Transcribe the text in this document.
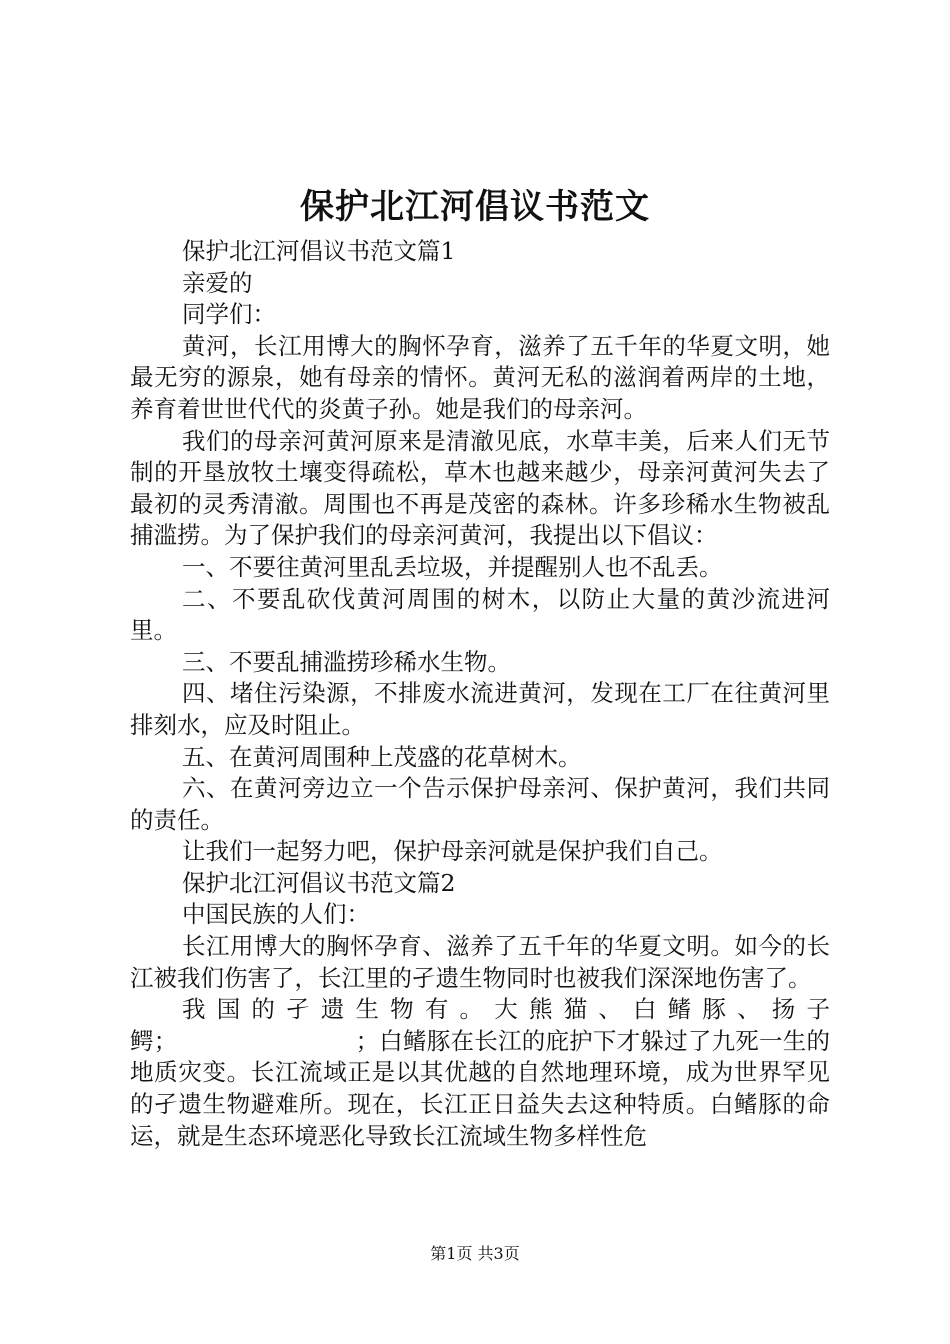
保护北江河倡议书范文

保护北江河倡议书范文篇1

亲爱的

同学们：

黄河，长江用博大的胸怀孕育，滋养了五千年的华夏文明，她最无穷的源泉，她有母亲的情怀。黄河无私的滋润着两岸的土地，养育着世世代代的炎黄子孙。她是我们的母亲河。

我们的母亲河黄河原来是清澈见底，水草丰美，后来人们无节制的开垦放牧土壤变得疏松，草木也越来越少，母亲河黄河失去了最初的灵秀清澈。周围也不再是茂密的森林。许多珍稀水生物被乱捕滥捞。为了保护我们的母亲河黄河，我提出以下倡议：

一、不要往黄河里乱丢垃圾，并提醒别人也不乱丢。

二、不要乱砍伐黄河周围的树木，以防止大量的黄沙流进河里。

三、不要乱捕滥捞珍稀水生物。

四、堵住污染源，不排废水流进黄河，发现在工厂在往黄河里排刻水，应及时阻止。

五、在黄河周围种上茂盛的花草树木。

六、在黄河旁边立一个告示保护母亲河、保护黄河，我们共同的责任。

让我们一起努力吧，保护母亲河就是保护我们自己。

保护北江河倡议书范文篇2

中国民族的人们：

长江用博大的胸怀孕育、滋养了五千年的华夏文明。如今的长江被我们伤害了，长江里的孑遗生物同时也被我们深深地伤害了。

我国的孑遗生物有。大熊猫、白鳍豚、扬子鳄；　　　　　　　　；白鳍豚在长江的庇护下才躲过了九死一生的地质灾变。长江流域正是以其优越的自然地理环境，成为世界罕见的孑遗生物避难所。现在，长江正日益失去这种特质。白鳍豚的命运，就是生态环境恶化导致长江流域生物多样性危

第1页 共3页
